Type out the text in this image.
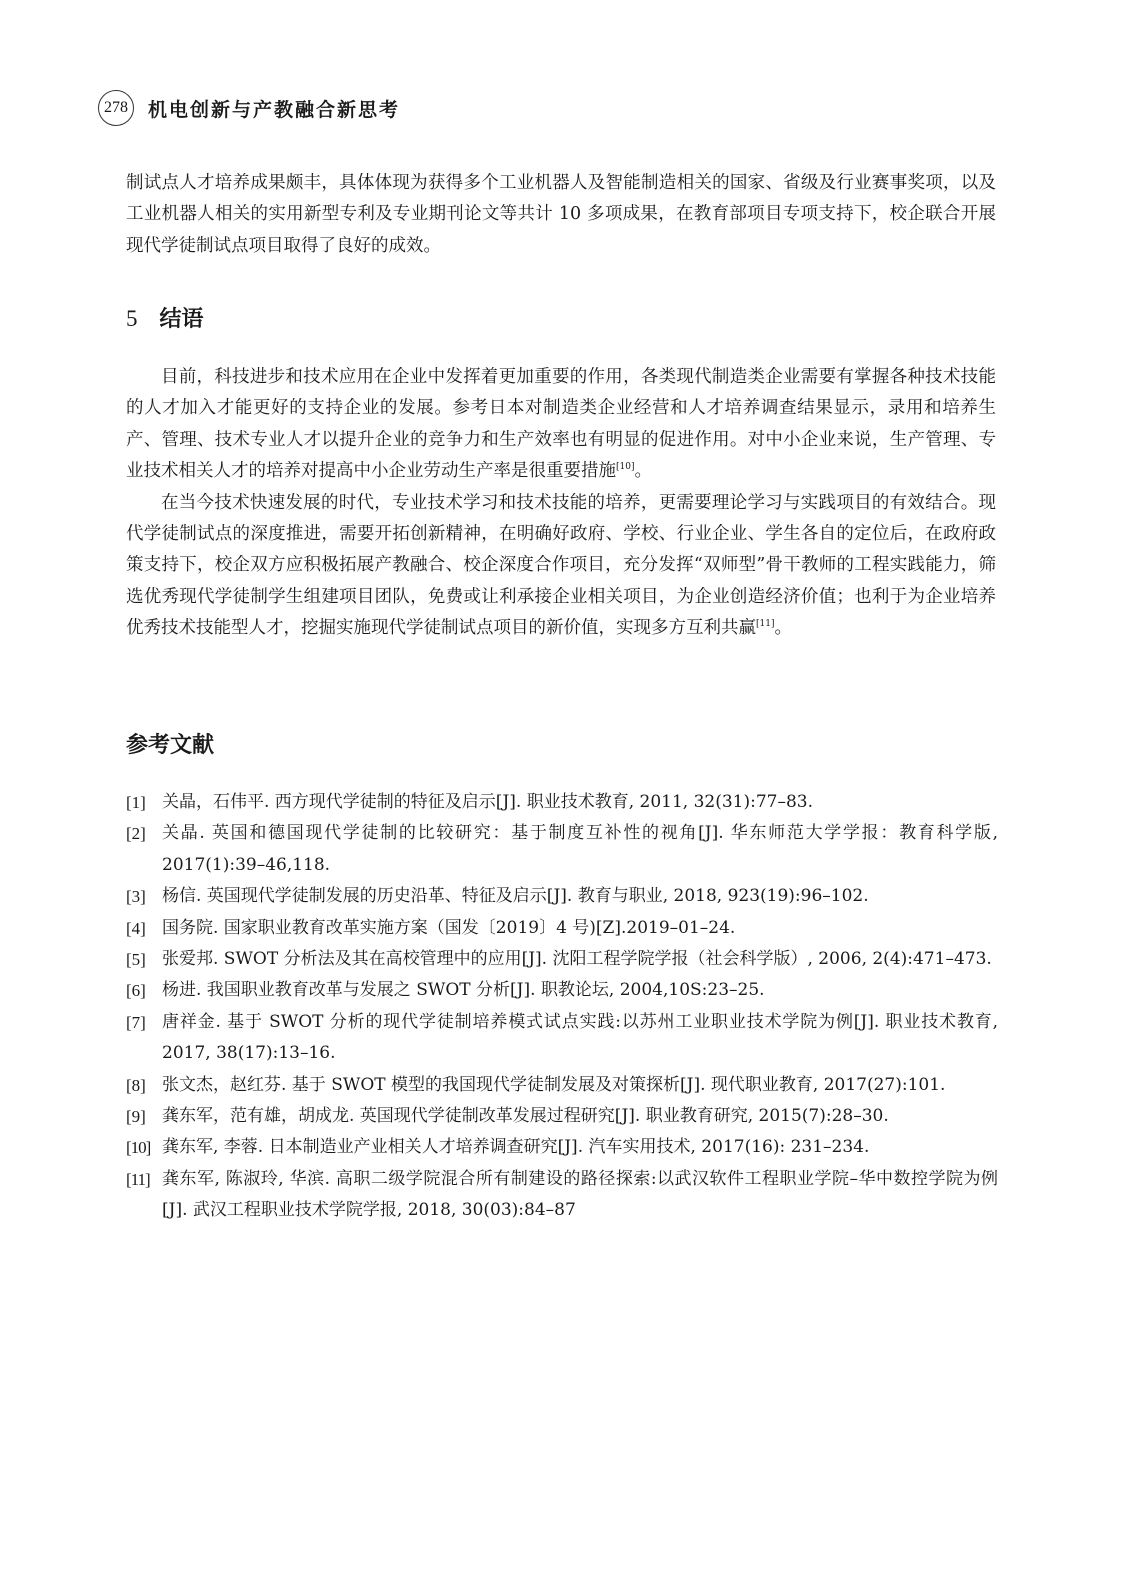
278	机电创新与产教融合新思考

制试点人才培养成果颇丰，具体体现为获得多个工业机器人及智能制造相关的国家、省级及行业赛事奖项，以及工业机器人相关的实用新型专利及专业期刊论文等共计 10 多项成果，在教育部项目专项支持下，校企联合开展现代学徒制试点项目取得了良好的成效。

5 结语

目前，科技进步和技术应用在企业中发挥着更加重要的作用，各类现代制造类企业需要有掌握各种技术技能的人才加入才能更好的支持企业的发展。参考日本对制造类企业经营和人才培养调查结果显示，录用和培养生产、管理、技术专业人才以提升企业的竞争力和生产效率也有明显的促进作用。对中小企业来说，生产管理、专业技术相关人才的培养对提高中小企业劳动生产率是很重要措施[10]。

在当今技术快速发展的时代，专业技术学习和技术技能的培养，更需要理论学习与实践项目的有效结合。现代学徒制试点的深度推进，需要开拓创新精神，在明确好政府、学校、行业企业、学生各自的定位后，在政府政策支持下，校企双方应积极拓展产教融合、校企深度合作项目，充分发挥“双师型”骨干教师的工程实践能力，筛选优秀现代学徒制学生组建项目团队，免费或让利承接企业相关项目，为企业创造经济价值；也利于为企业培养优秀技术技能型人才，挖掘实施现代学徒制试点项目的新价值，实现多方互利共赢[11]。

参考文献
[1] 关晶，石伟平. 西方现代学徒制的特征及启示[J]. 职业技术教育, 2011, 32(31):77–83.
[2] 关晶. 英国和德国现代学徒制的比较研究：基于制度互补性的视角[J]. 华东师范大学学报：教育科学版, 2017(1):39–46,118.
[3] 杨信. 英国现代学徒制发展的历史沿革、特征及启示[J]. 教育与职业, 2018, 923(19):96–102.
[4] 国务院. 国家职业教育改革实施方案（国发〔2019〕4 号)[Z].2019–01–24.
[5] 张爱邦. SWOT 分析法及其在高校管理中的应用[J]. 沈阳工程学院学报（社会科学版）, 2006, 2(4):471–473.
[6] 杨进. 我国职业教育改革与发展之 SWOT 分析[J]. 职教论坛, 2004,10S:23–25.
[7] 唐祥金. 基于 SWOT 分析的现代学徒制培养模式试点实践:以苏州工业职业技术学院为例[J]. 职业技术教育, 2017, 38(17):13–16.
[8] 张文杰，赵红芬. 基于 SWOT 模型的我国现代学徒制发展及对策探析[J]. 现代职业教育, 2017(27):101.
[9] 龚东军，范有雄，胡成龙. 英国现代学徒制改革发展过程研究[J]. 职业教育研究, 2015(7):28–30.
[10] 龚东军, 李蓉. 日本制造业产业相关人才培养调查研究[J]. 汽车实用技术, 2017(16): 231–234.
[11] 龚东军, 陈淑玲, 华滨. 高职二级学院混合所有制建设的路径探索:以武汉软件工程职业学院–华中数控学院为例[J]. 武汉工程职业技术学院学报, 2018, 30(03):84–87
